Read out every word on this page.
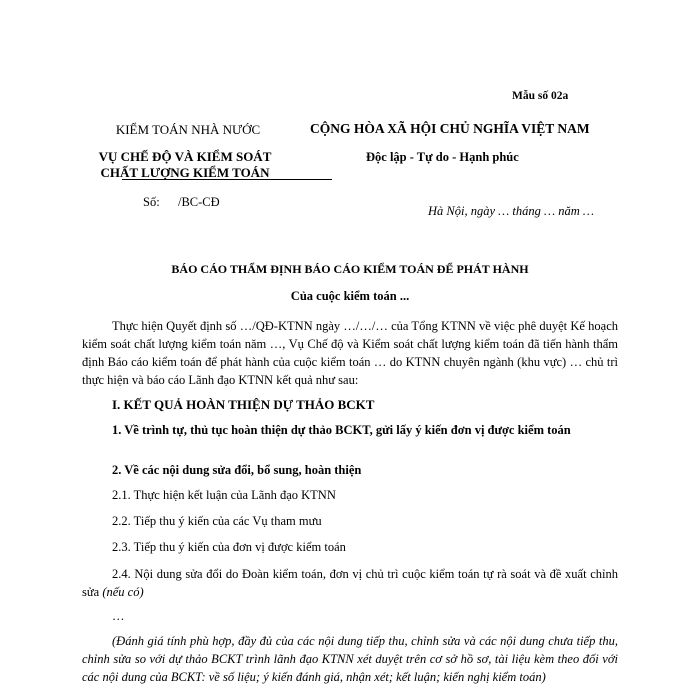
Mẫu số 02a
KIỂM TOÁN NHÀ NƯỚC
VỤ CHẾ ĐỘ VÀ KIỂM SOÁT
CHẤT LƯỢNG KIỂM TOÁN
Số: /BC-CĐ
CỘNG HÒA XÃ HỘI CHỦ NGHĨA VIỆT NAM
Độc lập - Tự do - Hạnh phúc
Hà Nội, ngày … tháng … năm …
BÁO CÁO THẨM ĐỊNH BÁO CÁO KIỂM TOÁN ĐỂ PHÁT HÀNH
Của cuộc kiểm toán ...
Thực hiện Quyết định số …/QĐ-KTNN ngày …/…/… của Tổng KTNN về việc phê duyệt Kế hoạch kiểm soát chất lượng kiểm toán năm …, Vụ Chế độ và Kiểm soát chất lượng kiểm toán đã tiến hành thẩm định Báo cáo kiểm toán để phát hành của cuộc kiểm toán … do KTNN chuyên ngành (khu vực) … chủ trì thực hiện và báo cáo Lãnh đạo KTNN kết quả như sau:
I. KẾT QUẢ HOÀN THIỆN DỰ THẢO BCKT
1. Về trình tự, thủ tục hoàn thiện dự thảo BCKT, gửi lấy ý kiến đơn vị được kiểm toán
2. Về các nội dung sửa đổi, bổ sung, hoàn thiện
2.1. Thực hiện kết luận của Lãnh đạo KTNN
2.2. Tiếp thu ý kiến của các Vụ tham mưu
2.3. Tiếp thu ý kiến của đơn vị được kiểm toán
2.4. Nội dung sửa đổi do Đoàn kiểm toán, đơn vị chủ trì cuộc kiểm toán tự rà soát và đề xuất chỉnh sửa (nếu có)
…
(Đánh giá tính phù hợp, đầy đủ của các nội dung tiếp thu, chỉnh sửa và các nội dung chưa tiếp thu, chỉnh sửa so với dự thảo BCKT trình lãnh đạo KTNN xét duyệt trên cơ sở hồ sơ, tài liệu kèm theo đối với các nội dung của BCKT: về số liệu; ý kiến đánh giá, nhận xét; kết luận; kiến nghị kiểm toán)
